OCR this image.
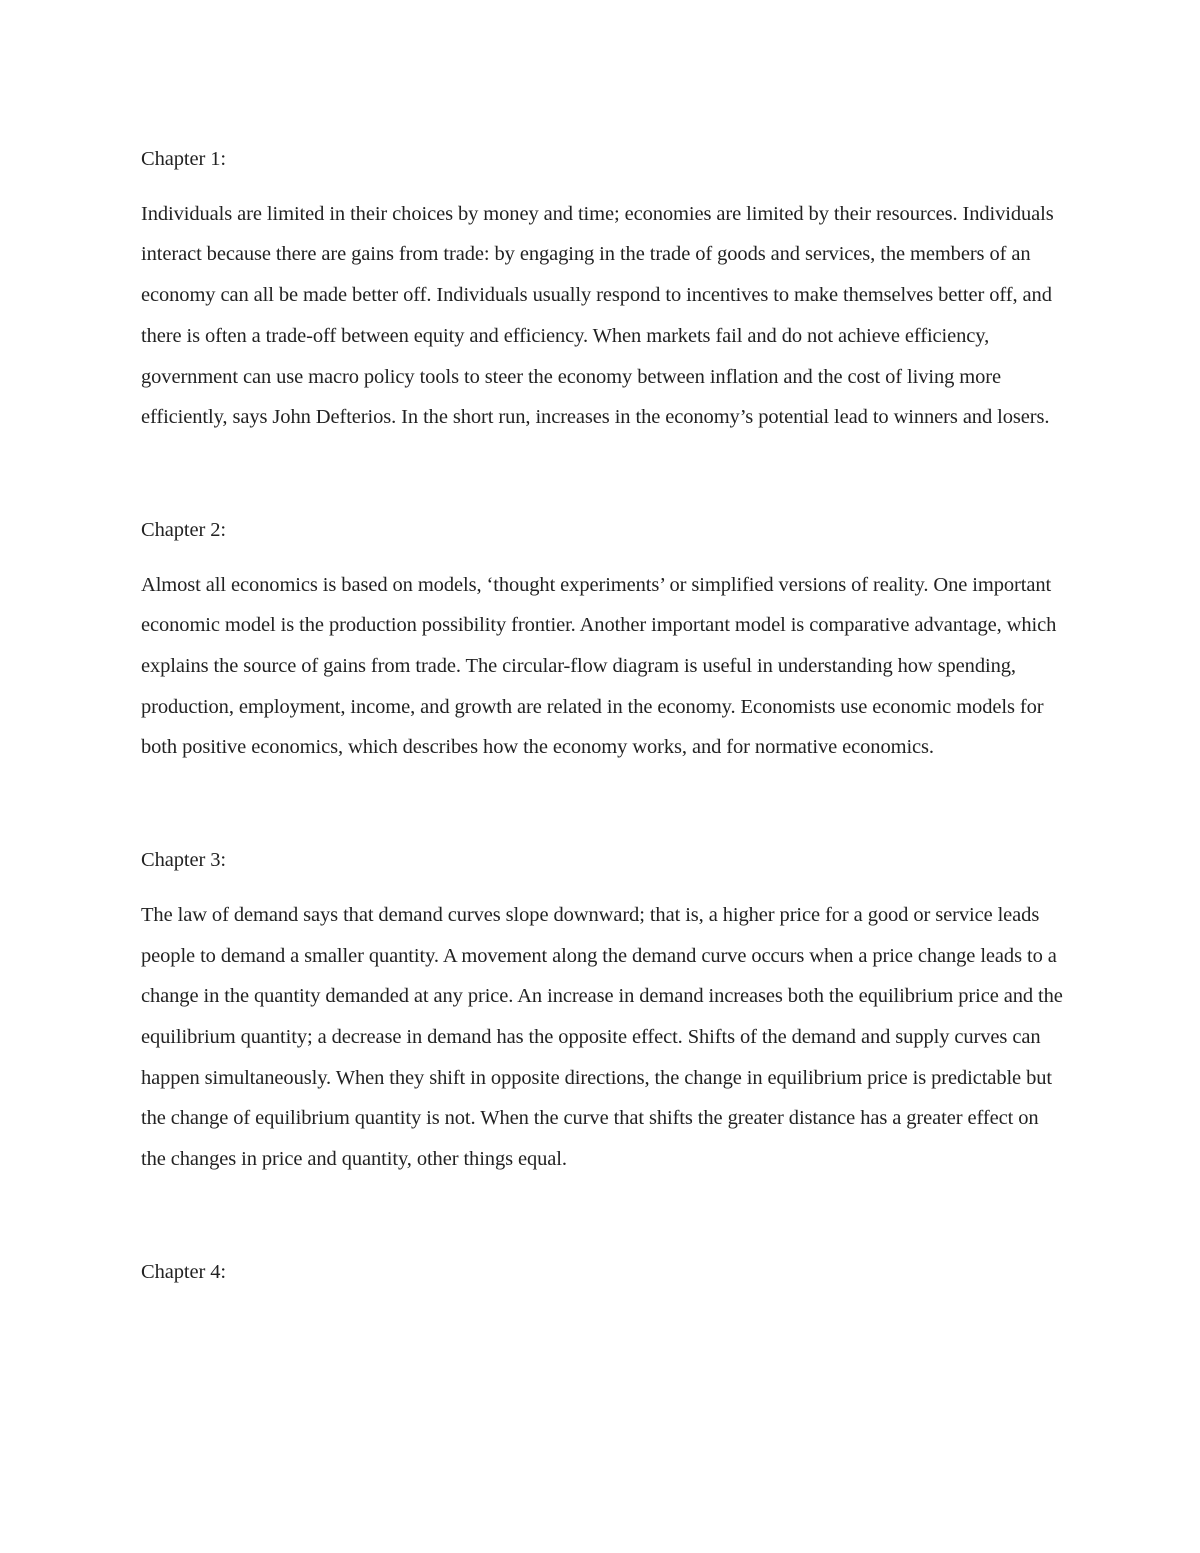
Chapter 1:

Individuals are limited in their choices by money and time; economies are limited by their resources. Individuals interact because there are gains from trade: by engaging in the trade of goods and services, the members of an economy can all be made better off. Individuals usually respond to incentives to make themselves better off, and there is often a trade-off between equity and efficiency. When markets fail and do not achieve efficiency, government can use macro policy tools to steer the economy between inflation and the cost of living more efficiently, says John Defterios. In the short run, increases in the economy’s potential lead to winners and losers.

Chapter 2:

Almost all economics is based on models, ‘thought experiments’ or simplified versions of reality. One important economic model is the production possibility frontier. Another important model is comparative advantage, which explains the source of gains from trade. The circular-flow diagram is useful in understanding how spending, production, employment, income, and growth are related in the economy. Economists use economic models for both positive economics, which describes how the economy works, and for normative economics.

Chapter 3:

The law of demand says that demand curves slope downward; that is, a higher price for a good or service leads people to demand a smaller quantity. A movement along the demand curve occurs when a price change leads to a change in the quantity demanded at any price. An increase in demand increases both the equilibrium price and the equilibrium quantity; a decrease in demand has the opposite effect. Shifts of the demand and supply curves can happen simultaneously. When they shift in opposite directions, the change in equilibrium price is predictable but the change of equilibrium quantity is not. When the curve that shifts the greater distance has a greater effect on the changes in price and quantity, other things equal.

Chapter 4:
